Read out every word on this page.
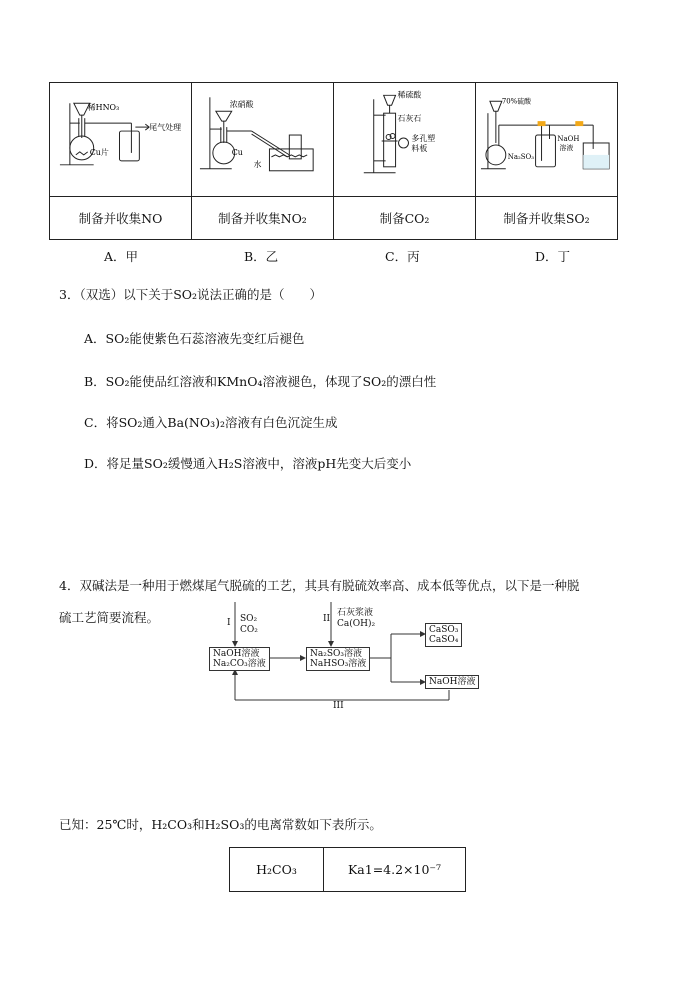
稀HNO₃
尾气处理
Cu片	浓硝酸
Cu
水	稀硫酸
石灰石
多孔塑
料板	70%硫酸
Na₂SO₃
NaOH
溶液

制备并收集NO	制备并收集NO₂	制备CO₂	制备并收集SO₂
A．甲	B．乙	C．丙	D．丁
3．（双选）以下关于SO₂说法正确的是（　　）
A．SO₂能使紫色石蕊溶液先变红后褪色
B．SO₂能使品红溶液和KMnO₄溶液褪色，体现了SO₂的漂白性
C．将SO₂通入Ba(NO₃)₂溶液有白色沉淀生成
D．将足量SO₂缓慢通入H₂S溶液中，溶液pH先变大后变小
4．双碱法是一种用于燃煤尾气脱硫的工艺，其具有脱硫效率高、成本低等优点，以下是一种脱
硫工艺简要流程。	I SO₂
CO₂
II
石灰浆液
Ca(OH)₂
NaOH溶液
Na₂CO₃溶液
Na₂SO₃溶液
NaHSO₃溶液
CaSO₃
CaSO₄
NaOH溶液
III
已知：25℃时，H₂CO₃和H₂SO₃的电离常数如下表所示。
H₂CO₃	Ka1=4.2×10⁻⁷
